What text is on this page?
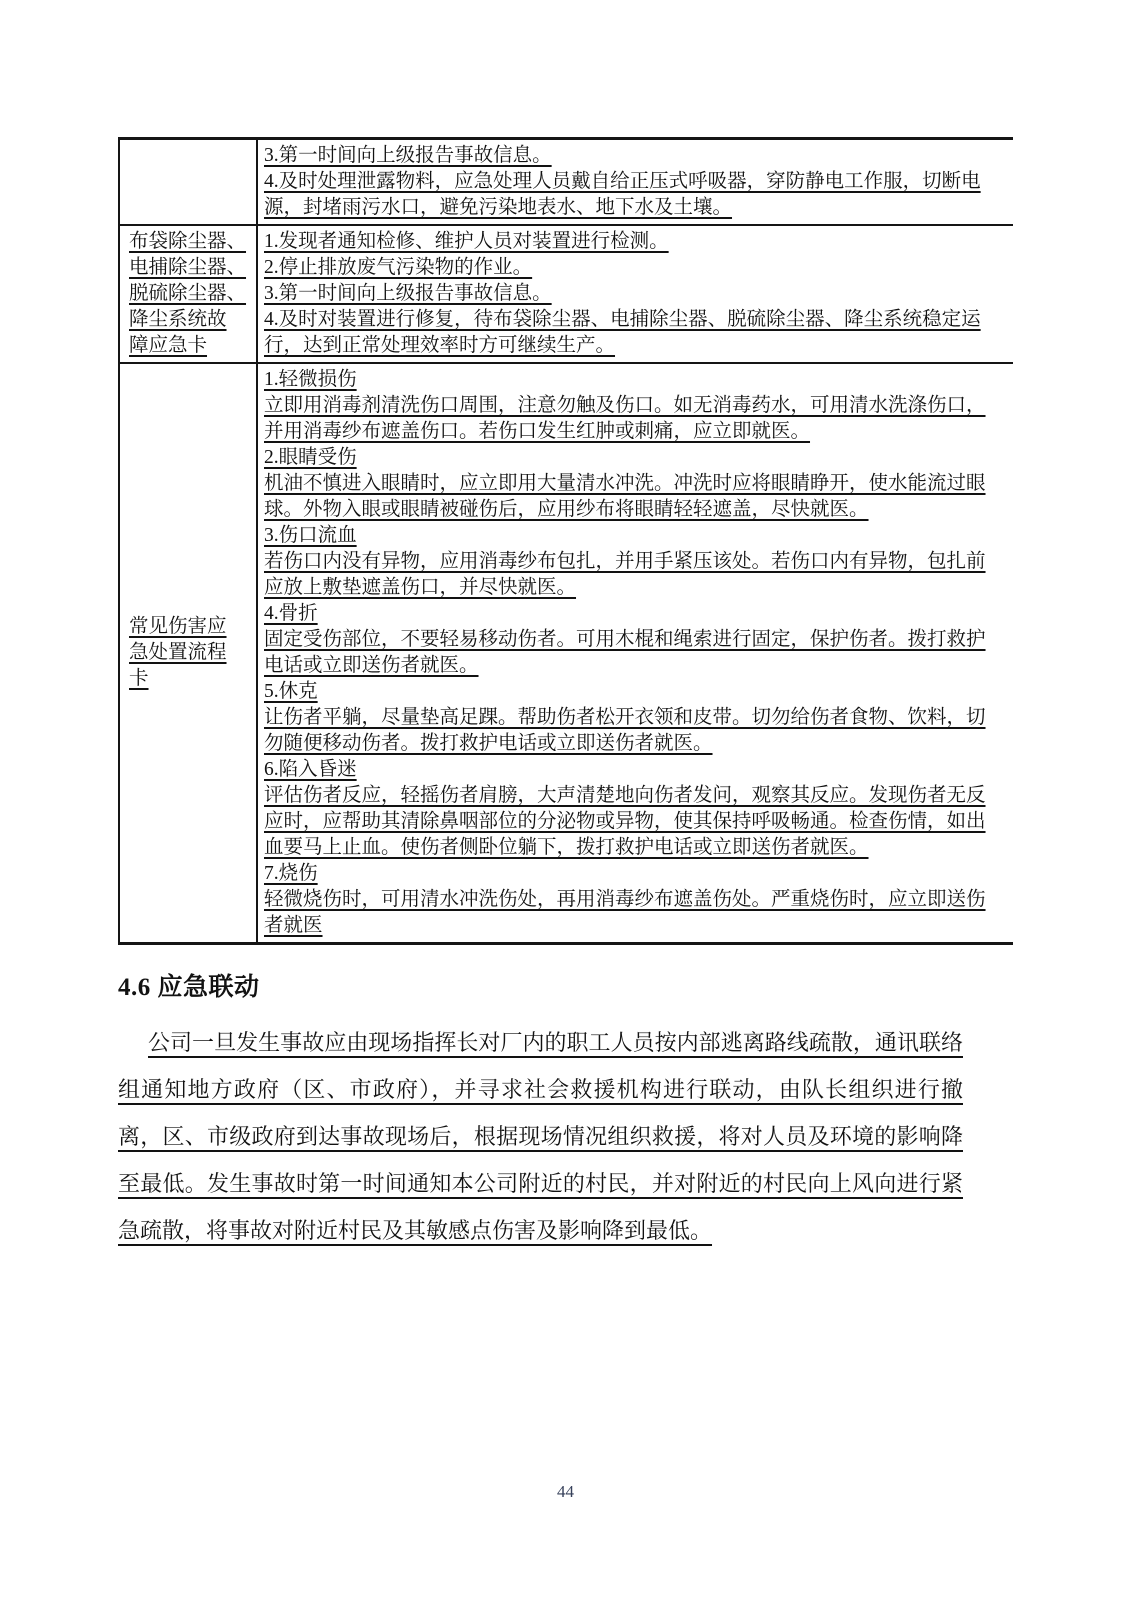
3.第一时间向上级报告事故信息。

4.及时处理泄露物料，应急处理人员戴自给正压式呼吸器，穿防静电工作服，切断电源，封堵雨污水口，避免污染地表水、地下水及土壤。

布袋除尘器、
电捕除尘器、
脱硫除尘器、
降尘系统故
障应急卡

1.发现者通知检修、维护人员对装置进行检测。

2.停止排放废气污染物的作业。

3.第一时间向上级报告事故信息。

4.及时对装置进行修复，待布袋除尘器、电捕除尘器、脱硫除尘器、降尘系统稳定运行，达到正常处理效率时方可继续生产。

常见伤害应
急处置流程
卡

1.轻微损伤

立即用消毒剂清洗伤口周围，注意勿触及伤口。如无消毒药水，可用清水洗涤伤口，并用消毒纱布遮盖伤口。若伤口发生红肿或刺痛，应立即就医。

2.眼睛受伤

机油不慎进入眼睛时，应立即用大量清水冲洗。冲洗时应将眼睛睁开，使水能流过眼球。外物入眼或眼睛被碰伤后，应用纱布将眼睛轻轻遮盖，尽快就医。

3.伤口流血

若伤口内没有异物，应用消毒纱布包扎，并用手紧压该处。若伤口内有异物，包扎前应放上敷垫遮盖伤口，并尽快就医。

4.骨折

固定受伤部位，不要轻易移动伤者。可用木棍和绳索进行固定，保护伤者。拨打救护电话或立即送伤者就医。

5.休克

让伤者平躺，尽量垫高足踝。帮助伤者松开衣领和皮带。切勿给伤者食物、饮料，切勿随便移动伤者。拨打救护电话或立即送伤者就医。

6.陷入昏迷

评估伤者反应，轻摇伤者肩膀，大声清楚地向伤者发问，观察其反应。发现伤者无反应时，应帮助其清除鼻咽部位的分泌物或异物，使其保持呼吸畅通。检查伤情，如出血要马上止血。使伤者侧卧位躺下，拨打救护电话或立即送伤者就医。

7.烧伤

轻微烧伤时，可用清水冲洗伤处，再用消毒纱布遮盖伤处。严重烧伤时，应立即送伤者就医

4.6 应急联动

公司一旦发生事故应由现场指挥长对厂内的职工人员按内部逃离路线疏散，通讯联络组通知地方政府（区、市政府），并寻求社会救援机构进行联动，由队长组织进行撤离，区、市级政府到达事故现场后，根据现场情况组织救援，将对人员及环境的影响降至最低。发生事故时第一时间通知本公司附近的村民，并对附近的村民向上风向进行紧急疏散，将事故对附近村民及其敏感点伤害及影响降到最低。

44
